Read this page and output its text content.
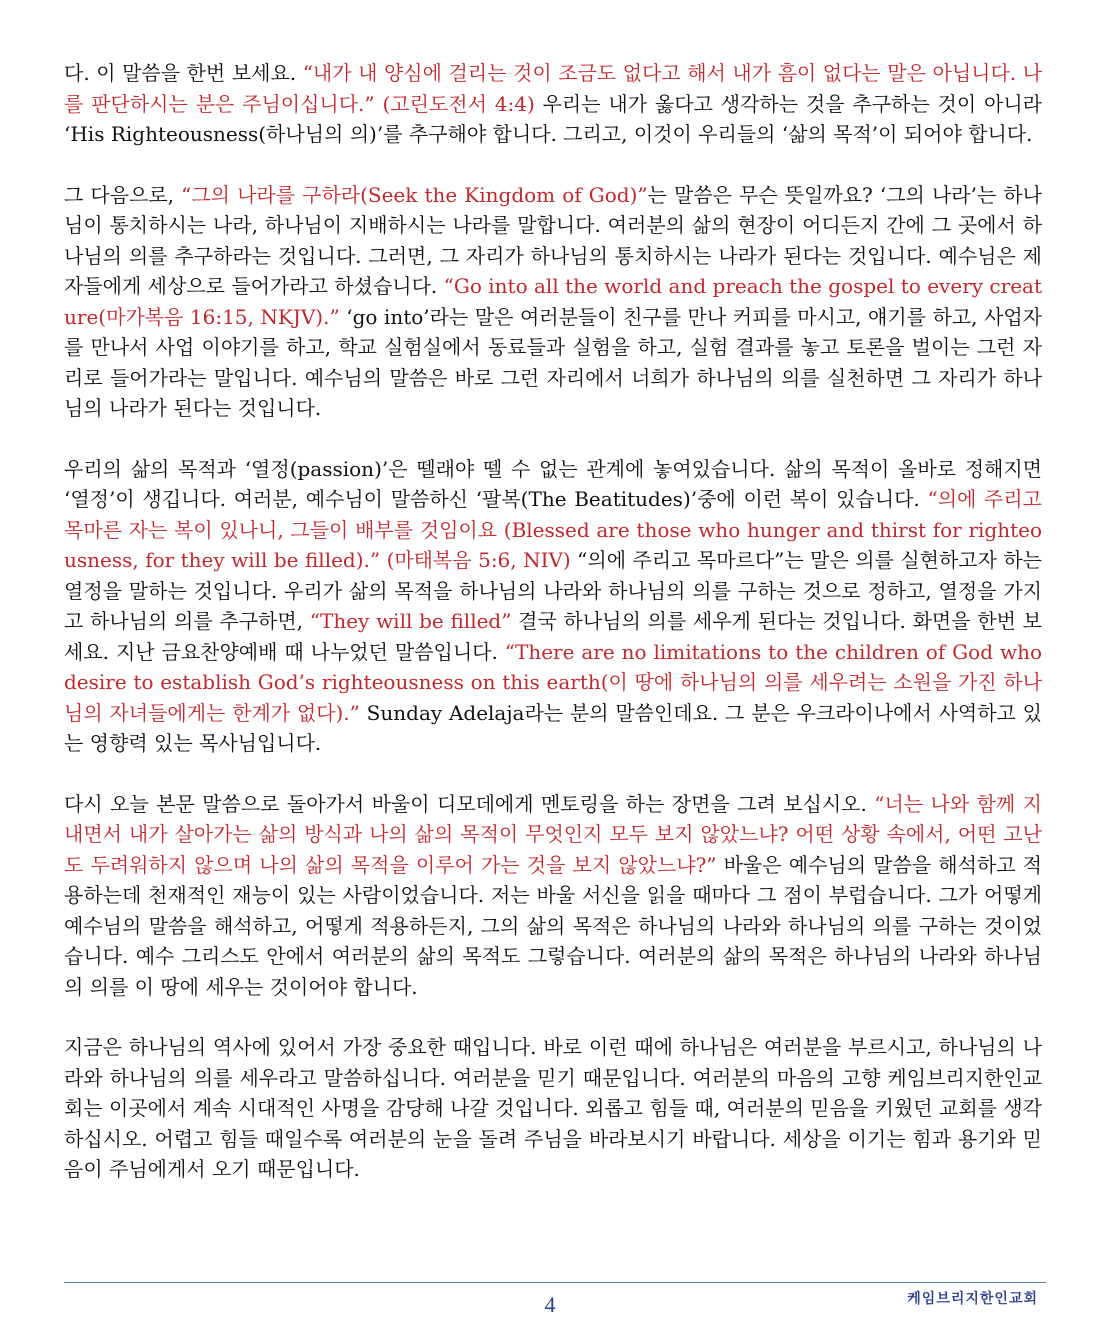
다. 이 말씀을 한번 보세요. “내가 내 양심에 걸리는 것이 조금도 없다고 해서 내가 흠이 없다는 말은 아닙니다. 나를 판단하시는 분은 주님이십니다.” (고린도전서 4:4) 우리는 내가 옳다고 생각하는 것을 추구하는 것이 아니라 ‘His Righteousness(하나님의 의)’를 추구해야 합니다. 그리고, 이것이 우리들의 ‘삶의 목적’이 되어야 합니다.

그 다음으로, “그의 나라를 구하라(Seek the Kingdom of God)”는 말씀은 무슨 뜻일까요? ‘그의 나라’는 하나님이 통치하시는 나라, 하나님이 지배하시는 나라를 말합니다. 여러분의 삶의 현장이 어디든지 간에 그 곳에서 하나님의 의를 추구하라는 것입니다. 그러면, 그 자리가 하나님의 통치하시는 나라가 된다는 것입니다. 예수님은 제자들에게 세상으로 들어가라고 하셨습니다. “Go into all the world and preach the gospel to every creature(마가복음 16:15, NKJV).” ‘go into’라는 말은 여러분들이 친구를 만나 커피를 마시고, 얘기를 하고, 사업자를 만나서 사업 이야기를 하고, 학교 실험실에서 동료들과 실험을 하고, 실험 결과를 놓고 토론을 벌이는 그런 자리로 들어가라는 말입니다. 예수님의 말씀은 바로 그런 자리에서 너희가 하나님의 의를 실천하면 그 자리가 하나님의 나라가 된다는 것입니다.

우리의 삶의 목적과 ‘열정(passion)’은 뗄래야 뗄 수 없는 관계에 놓여있습니다. 삶의 목적이 올바로 정해지면 ‘열정’이 생깁니다. 여러분, 예수님이 말씀하신 ‘팔복(The Beatitudes)’중에 이런 복이 있습니다. “의에 주리고 목마른 자는 복이 있나니, 그들이 배부를 것임이요 (Blessed are those who hunger and thirst for righteousness, for they will be filled).” (마태복음 5:6, NIV) “의에 주리고 목마르다”는 말은 의를 실현하고자 하는 열정을 말하는 것입니다. 우리가 삶의 목적을 하나님의 나라와 하나님의 의를 구하는 것으로 정하고, 열정을 가지고 하나님의 의를 추구하면, “They will be filled” 결국 하나님의 의를 세우게 된다는 것입니다. 화면을 한번 보세요. 지난 금요찬양예배 때 나누었던 말씀입니다. “There are no limitations to the children of God who desire to establish God’s righteousness on this earth(이 땅에 하나님의 의를 세우려는 소원을 가진 하나님의 자녀들에게는 한계가 없다).” Sunday Adelaja라는 분의 말씀인데요. 그 분은 우크라이나에서 사역하고 있는 영향력 있는 목사님입니다.

다시 오늘 본문 말씀으로 돌아가서 바울이 디모데에게 멘토링을 하는 장면을 그려 보십시오. “너는 나와 함께 지내면서 내가 살아가는 삶의 방식과 나의 삶의 목적이 무엇인지 모두 보지 않았느냐? 어떤 상황 속에서, 어떤 고난도 두려워하지 않으며 나의 삶의 목적을 이루어 가는 것을 보지 않았느냐?” 바울은 예수님의 말씀을 해석하고 적용하는데 천재적인 재능이 있는 사람이었습니다. 저는 바울 서신을 읽을 때마다 그 점이 부럽습니다. 그가 어떻게 예수님의 말씀을 해석하고, 어떻게 적용하든지, 그의 삶의 목적은 하나님의 나라와 하나님의 의를 구하는 것이었습니다. 예수 그리스도 안에서 여러분의 삶의 목적도 그렇습니다. 여러분의 삶의 목적은 하나님의 나라와 하나님의 의를 이 땅에 세우는 것이어야 합니다.

지금은 하나님의 역사에 있어서 가장 중요한 때입니다. 바로 이런 때에 하나님은 여러분을 부르시고, 하나님의 나라와 하나님의 의를 세우라고 말씀하십니다. 여러분을 믿기 때문입니다. 여러분의 마음의 고향 케임브리지한인교회는 이곳에서 계속 시대적인 사명을 감당해 나갈 것입니다. 외롭고 힘들 때, 여러분의 믿음을 키웠던 교회를 생각하십시오. 어렵고 힘들 때일수록 여러분의 눈을 돌려 주님을 바라보시기 바랍니다. 세상을 이기는 힘과 용기와 믿음이 주님에게서 오기 때문입니다.

4	케임브리지한인교회
